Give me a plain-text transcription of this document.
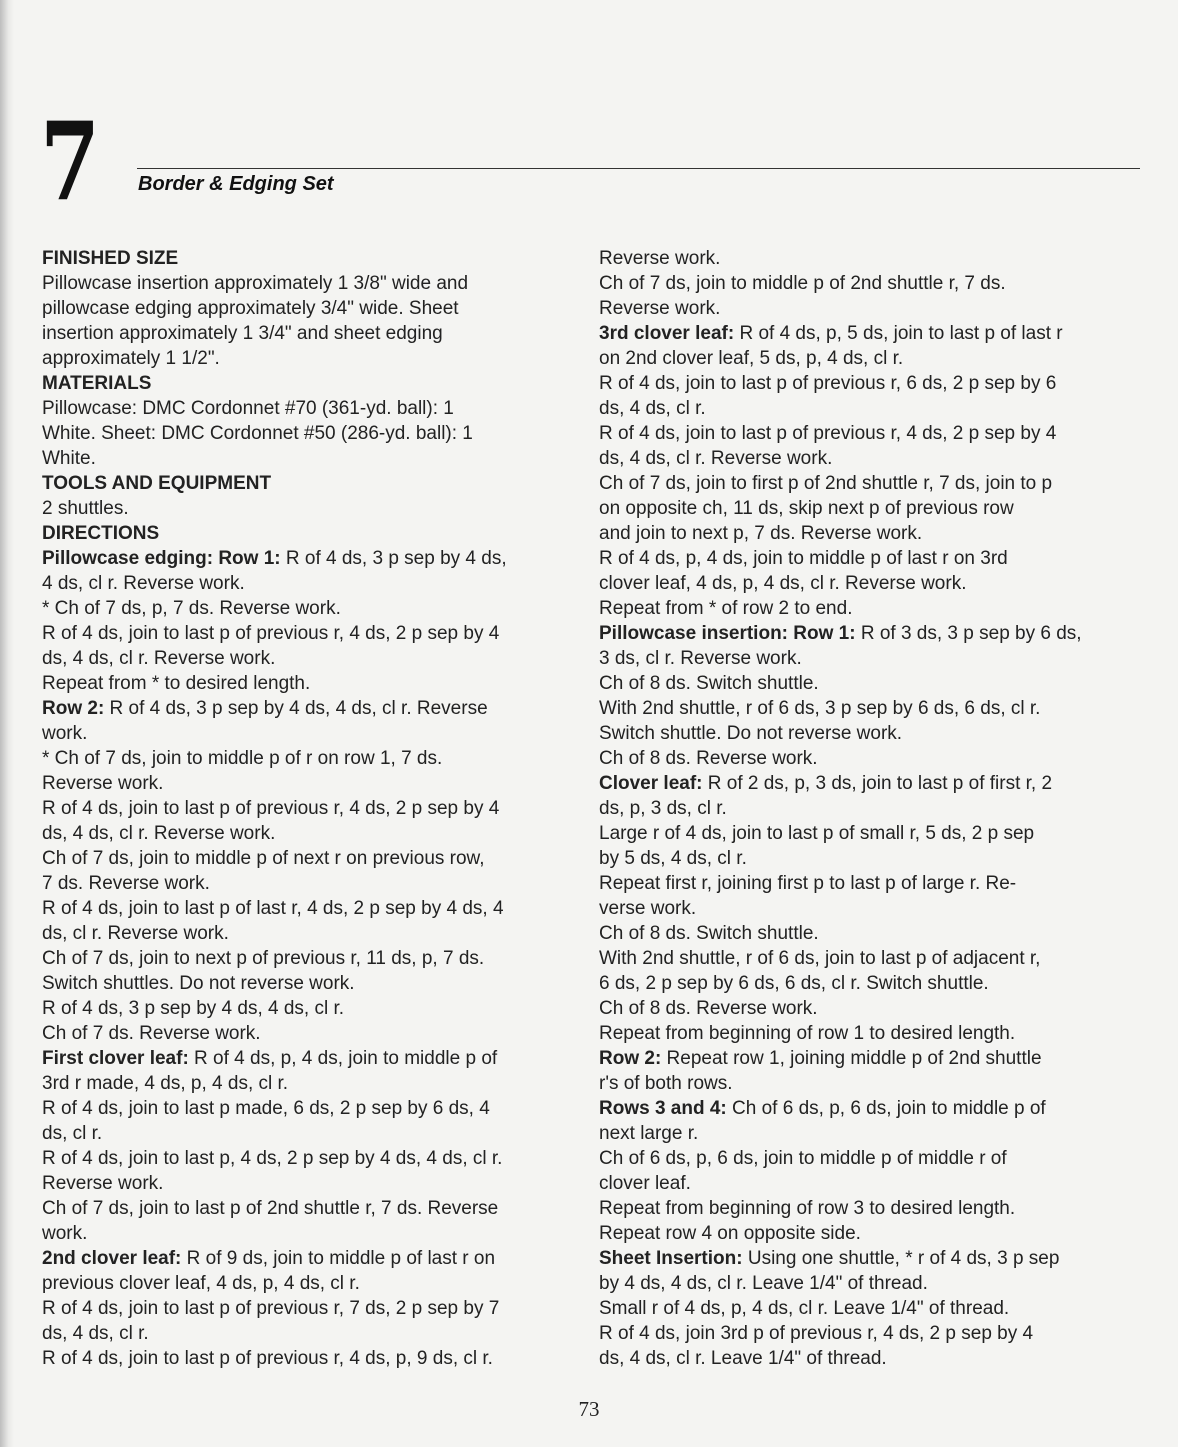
7 Border & Edging Set
FINISHED SIZE
Pillowcase insertion approximately 1 3/8" wide and
pillowcase edging approximately 3/4" wide. Sheet
insertion approximately 1 3/4" and sheet edging
approximately 1 1/2".
MATERIALS
Pillowcase: DMC Cordonnet #70 (361-yd. ball): 1
White. Sheet: DMC Cordonnet #50 (286-yd. ball): 1
White.
TOOLS AND EQUIPMENT
2 shuttles.
DIRECTIONS
Pillowcase edging: Row 1: R of 4 ds, 3 p sep by 4 ds,
4 ds, cl r. Reverse work.
* Ch of 7 ds, p, 7 ds. Reverse work.
R of 4 ds, join to last p of previous r, 4 ds, 2 p sep by 4
ds, 4 ds, cl r. Reverse work.
Repeat from * to desired length.
Row 2: R of 4 ds, 3 p sep by 4 ds, 4 ds, cl r. Reverse
work.
* Ch of 7 ds, join to middle p of r on row 1, 7 ds.
Reverse work.
R of 4 ds, join to last p of previous r, 4 ds, 2 p sep by 4
ds, 4 ds, cl r. Reverse work.
Ch of 7 ds, join to middle p of next r on previous row,
7 ds. Reverse work.
R of 4 ds, join to last p of last r, 4 ds, 2 p sep by 4 ds, 4
ds, cl r. Reverse work.
Ch of 7 ds, join to next p of previous r, 11 ds, p, 7 ds.
Switch shuttles. Do not reverse work.
R of 4 ds, 3 p sep by 4 ds, 4 ds, cl r.
Ch of 7 ds. Reverse work.
First clover leaf: R of 4 ds, p, 4 ds, join to middle p of
3rd r made, 4 ds, p, 4 ds, cl r.
R of 4 ds, join to last p made, 6 ds, 2 p sep by 6 ds, 4
ds, cl r.
R of 4 ds, join to last p, 4 ds, 2 p sep by 4 ds, 4 ds, cl r.
Reverse work.
Ch of 7 ds, join to last p of 2nd shuttle r, 7 ds. Reverse
work.
2nd clover leaf: R of 9 ds, join to middle p of last r on
previous clover leaf, 4 ds, p, 4 ds, cl r.
R of 4 ds, join to last p of previous r, 7 ds, 2 p sep by 7
ds, 4 ds, cl r.
R of 4 ds, join to last p of previous r, 4 ds, p, 9 ds, cl r.
Reverse work.
Ch of 7 ds, join to middle p of 2nd shuttle r, 7 ds.
Reverse work.
3rd clover leaf: R of 4 ds, p, 5 ds, join to last p of last r
on 2nd clover leaf, 5 ds, p, 4 ds, cl r.
R of 4 ds, join to last p of previous r, 6 ds, 2 p sep by 6
ds, 4 ds, cl r.
R of 4 ds, join to last p of previous r, 4 ds, 2 p sep by 4
ds, 4 ds, cl r. Reverse work.
Ch of 7 ds, join to first p of 2nd shuttle r, 7 ds, join to p
on opposite ch, 11 ds, skip next p of previous row
and join to next p, 7 ds. Reverse work.
R of 4 ds, p, 4 ds, join to middle p of last r on 3rd
clover leaf, 4 ds, p, 4 ds, cl r. Reverse work.
Repeat from * of row 2 to end.
Pillowcase insertion: Row 1: R of 3 ds, 3 p sep by 6 ds,
3 ds, cl r. Reverse work.
Ch of 8 ds. Switch shuttle.
With 2nd shuttle, r of 6 ds, 3 p sep by 6 ds, 6 ds, cl r.
Switch shuttle. Do not reverse work.
Ch of 8 ds. Reverse work.
Clover leaf: R of 2 ds, p, 3 ds, join to last p of first r, 2
ds, p, 3 ds, cl r.
Large r of 4 ds, join to last p of small r, 5 ds, 2 p sep
by 5 ds, 4 ds, cl r.
Repeat first r, joining first p to last p of large r. Re-
verse work.
Ch of 8 ds. Switch shuttle.
With 2nd shuttle, r of 6 ds, join to last p of adjacent r,
6 ds, 2 p sep by 6 ds, 6 ds, cl r. Switch shuttle.
Ch of 8 ds. Reverse work.
Repeat from beginning of row 1 to desired length.
Row 2: Repeat row 1, joining middle p of 2nd shuttle
r's of both rows.
Rows 3 and 4: Ch of 6 ds, p, 6 ds, join to middle p of
next large r.
Ch of 6 ds, p, 6 ds, join to middle p of middle r of
clover leaf.
Repeat from beginning of row 3 to desired length.
Repeat row 4 on opposite side.
Sheet Insertion: Using one shuttle, * r of 4 ds, 3 p sep
by 4 ds, 4 ds, cl r. Leave 1/4" of thread.
Small r of 4 ds, p, 4 ds, cl r. Leave 1/4" of thread.
R of 4 ds, join 3rd p of previous r, 4 ds, 2 p sep by 4
ds, 4 ds, cl r. Leave 1/4" of thread.
73
